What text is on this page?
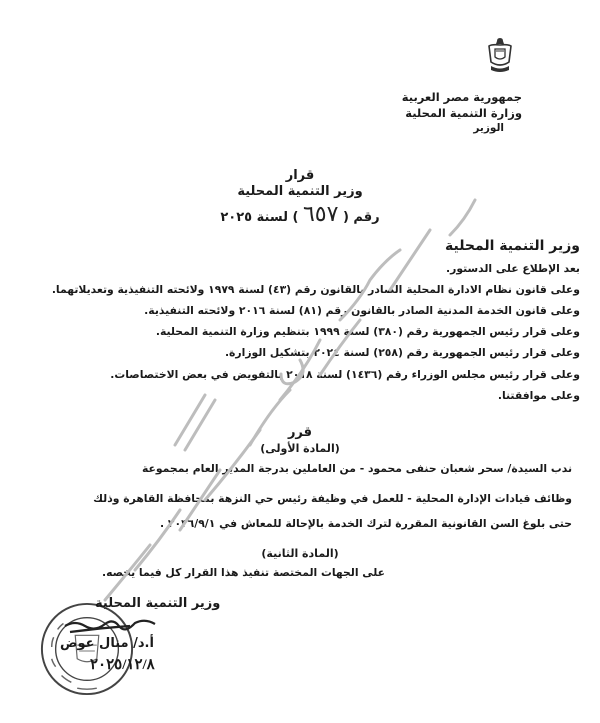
جمهورية مصر العربية
وزارة التنمية المحلية
الوزير
قرار
وزير التنمية المحلية
رقم ( ٦٥٧ ) لسنة ٢٠٢٥
وزير التنمية المحلية
بعد الإطلاع على الدستور.
وعلى قانون نظام الادارة المحلية الصادر بالقانون رقم (٤٣) لسنة ١٩٧٩ ولائحته التنفيذية وتعديلاتهما.
وعلى قانون الخدمة المدنية الصادر بالقانون رقم (٨١) لسنة ٢٠١٦ ولائحته التنفيذية.
وعلى قرار رئيس الجمهورية رقم (٣٨٠) لسنة ١٩٩٩ بتنظيم وزارة التنمية المحلية.
وعلى قرار رئيس الجمهورية رقم (٢٥٨) لسنة ٢٠٢٤ بتشكيل الوزارة.
وعلى قرار رئيس مجلس الوزراء رقم (١٤٣٦) لسنة ٢٠١٨ بالتفويض في بعض الاختصاصات.
وعلى موافقتنا.
قرر
(المادة الأولى)
ندب السيدة/ سحر شعبان حنفى محمود - من العاملين بدرجة المدير العام بمجموعة
وظائف قيادات الإدارة المحلية - للعمل في وظيفة رئيس حي النزهة بمحافظة القاهرة وذلك
حتى بلوغ السن القانونية المقررة لترك الخدمة بالإحالة للمعاش في ٢٠٣٦/٩/١ .
(المادة الثانية)
على الجهات المختصة تنفيذ هذا القرار كل فيما يخصه.
وزير التنمية المحلية
أ.د/ منال عوض
٢٠٢٥/١٢/٨
